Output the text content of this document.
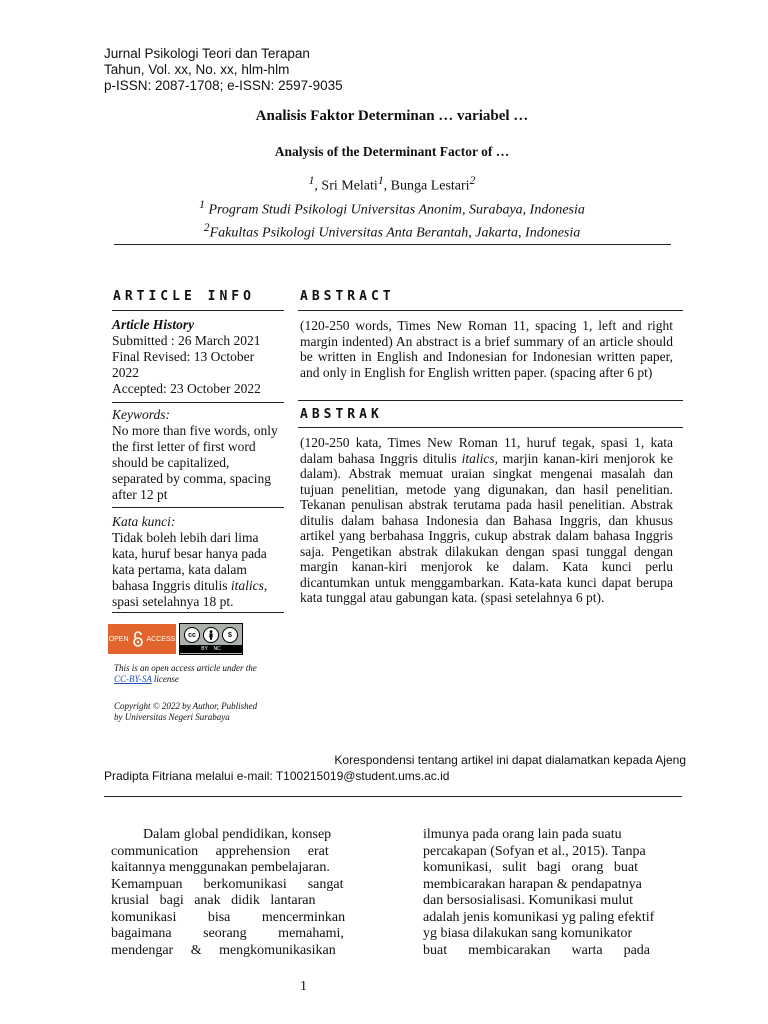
Jurnal Psikologi Teori dan Terapan
Tahun, Vol. xx, No. xx, hlm-hlm
p-ISSN: 2087-1708; e-ISSN: 2597-9035
Analisis Faktor Determinan … variabel …
Analysis of the Determinant Factor of …
$^1$, Sri Melati$^1$, Bunga Lestari$^2$
$^1$ Program Studi Psikologi Universitas Anonim, Surabaya, Indonesia
$^2$Fakultas Psikologi Universitas Anta Berantah, Jakarta, Indonesia
ARTICLE INFO	ABSTRACT
Article History
Submitted : 26 March 2021
Final Revised: 13 October
2022
Accepted: 23 October 2022
(120-250 words, Times New Roman 11, spacing 1, left and right margin indented) An abstract is a brief summary of an article should be written in English and Indonesian for Indonesian written paper, and only in English for English written paper. (spacing after 6 pt)
Keywords:
No more than five words, only
the first letter of first word
should be capitalized,
separated by comma, spacing
after 12 pt
ABSTRAK
(120-250 kata, Times New Roman 11, huruf tegak, spasi 1, kata dalam bahasa Inggris ditulis italics, marjin kanan-kiri menjorok ke dalam). Abstrak memuat uraian singkat mengenai masalah dan tujuan penelitian, metode yang digunakan, dan hasil penelitian. Tekanan penulisan abstrak terutama pada hasil penelitian. Abstrak ditulis dalam bahasa Indonesia dan Bahasa Inggris, dan khusus artikel yang berbahasa Inggris, cukup abstrak dalam bahasa Inggris saja. Pengetikan abstrak dilakukan dengan spasi tunggal dengan margin kanan-kiri menjorok ke dalam. Kata kunci perlu dicantumkan untuk menggambarkan. Kata-kata kunci dapat berupa kata tunggal atau gabungan kata. (spasi setelahnya 6 pt).
Kata kunci:
Tidak boleh lebih dari lima
kata, huruf besar hanya pada
kata pertama, kata dalam
bahasa Inggris ditulis italics,
spasi setelahnya 18 pt.
OPEN	ACCESS
cc	$
BY NC
This is an open access article under the
CC-BY-SA license
Copyright © 2022 by Author, Published
by Universitas Negeri Surabaya
Korespondensi tentang artikel ini dapat dialamatkan kepada Ajeng
Pradipta Fitriana melalui e-mail: T100215019@student.ums.ac.id
Dalam global pendidikan, konsep
communication     apprehension     erat
kaitannya menggunakan pembelajaran.
Kemampuan      berkomunikasi      sangat
krusial   bagi   anak   didik   lantaran
komunikasi         bisa         mencerminkan
bagaimana         seorang         memahami,
mendengar     &     mengkomunikasikan
ilmunya pada orang lain pada suatu
percakapan (Sofyan et al., 2015). Tanpa
komunikasi,   sulit   bagi   orang   buat
membicarakan harapan & pendapatnya
dan bersosialisasi. Komunikasi mulut
adalah jenis komunikasi yg paling efektif
yg biasa dilakukan sang komunikator
buat      membicarakan      warta      pada
1
